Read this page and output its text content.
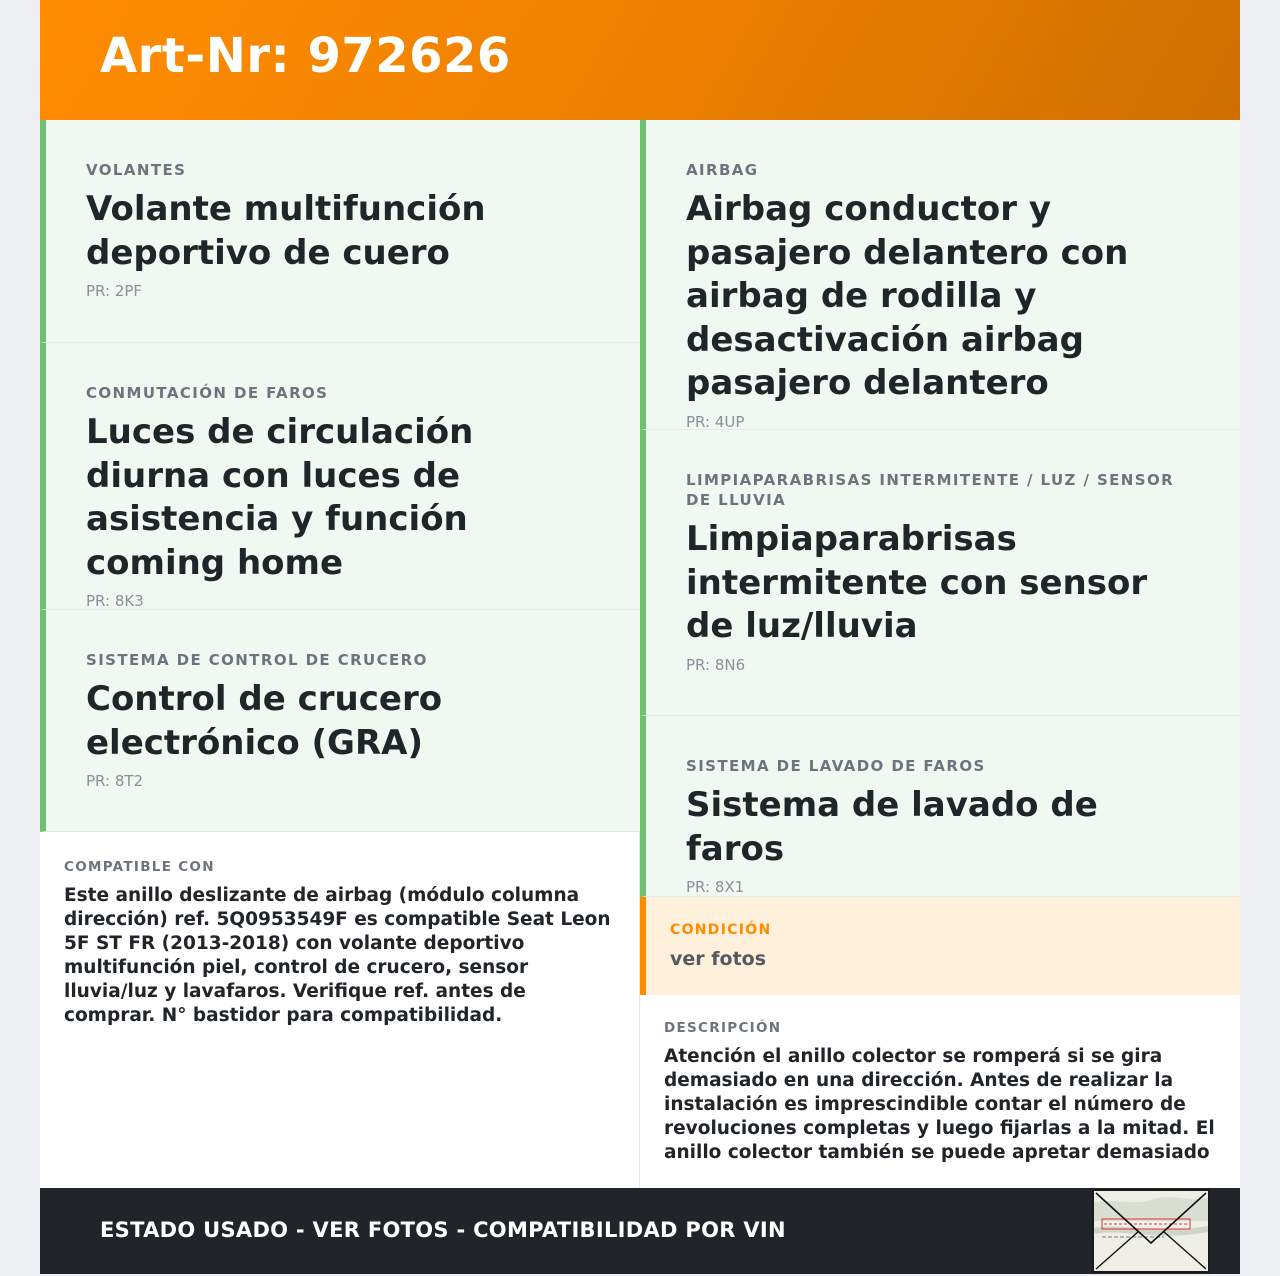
Art-Nr: 972626
VOLANTES
Volante multifunción deportivo de cuero
PR: 2PF
CONMUTACIÓN DE FAROS
Luces de circulación diurna con luces de asistencia y función coming home
PR: 8K3
SISTEMA DE CONTROL DE CRUCERO
Control de crucero electrónico (GRA)
PR: 8T2
AIRBAG
Airbag conductor y pasajero delantero con airbag de rodilla y desactivación airbag pasajero delantero
PR: 4UP
LIMPIAPARABRISAS INTERMITENTE / LUZ / SENSOR DE LLUVIA
Limpiaparabrisas intermitente con sensor de luz/lluvia
PR: 8N6
SISTEMA DE LAVADO DE FAROS
Sistema de lavado de faros
PR: 8X1
COMPATIBLE CON
Este anillo deslizante de airbag (módulo columna dirección) ref. 5Q0953549F es compatible Seat Leon 5F ST FR (2013-2018) con volante deportivo multifunción piel, control de crucero, sensor lluvia/luz y lavafaros. Verifique ref. antes de comprar. N° bastidor para compatibilidad.
CONDICIÓN
ver fotos
DESCRIPCIÓN
Atención el anillo colector se romperá si se gira demasiado en una dirección. Antes de realizar la instalación es imprescindible contar el número de revoluciones completas y luego fijarlas a la mitad. El anillo colector también se puede apretar demasiado
ESTADO USADO - VER FOTOS - COMPATIBILIDAD POR VIN
